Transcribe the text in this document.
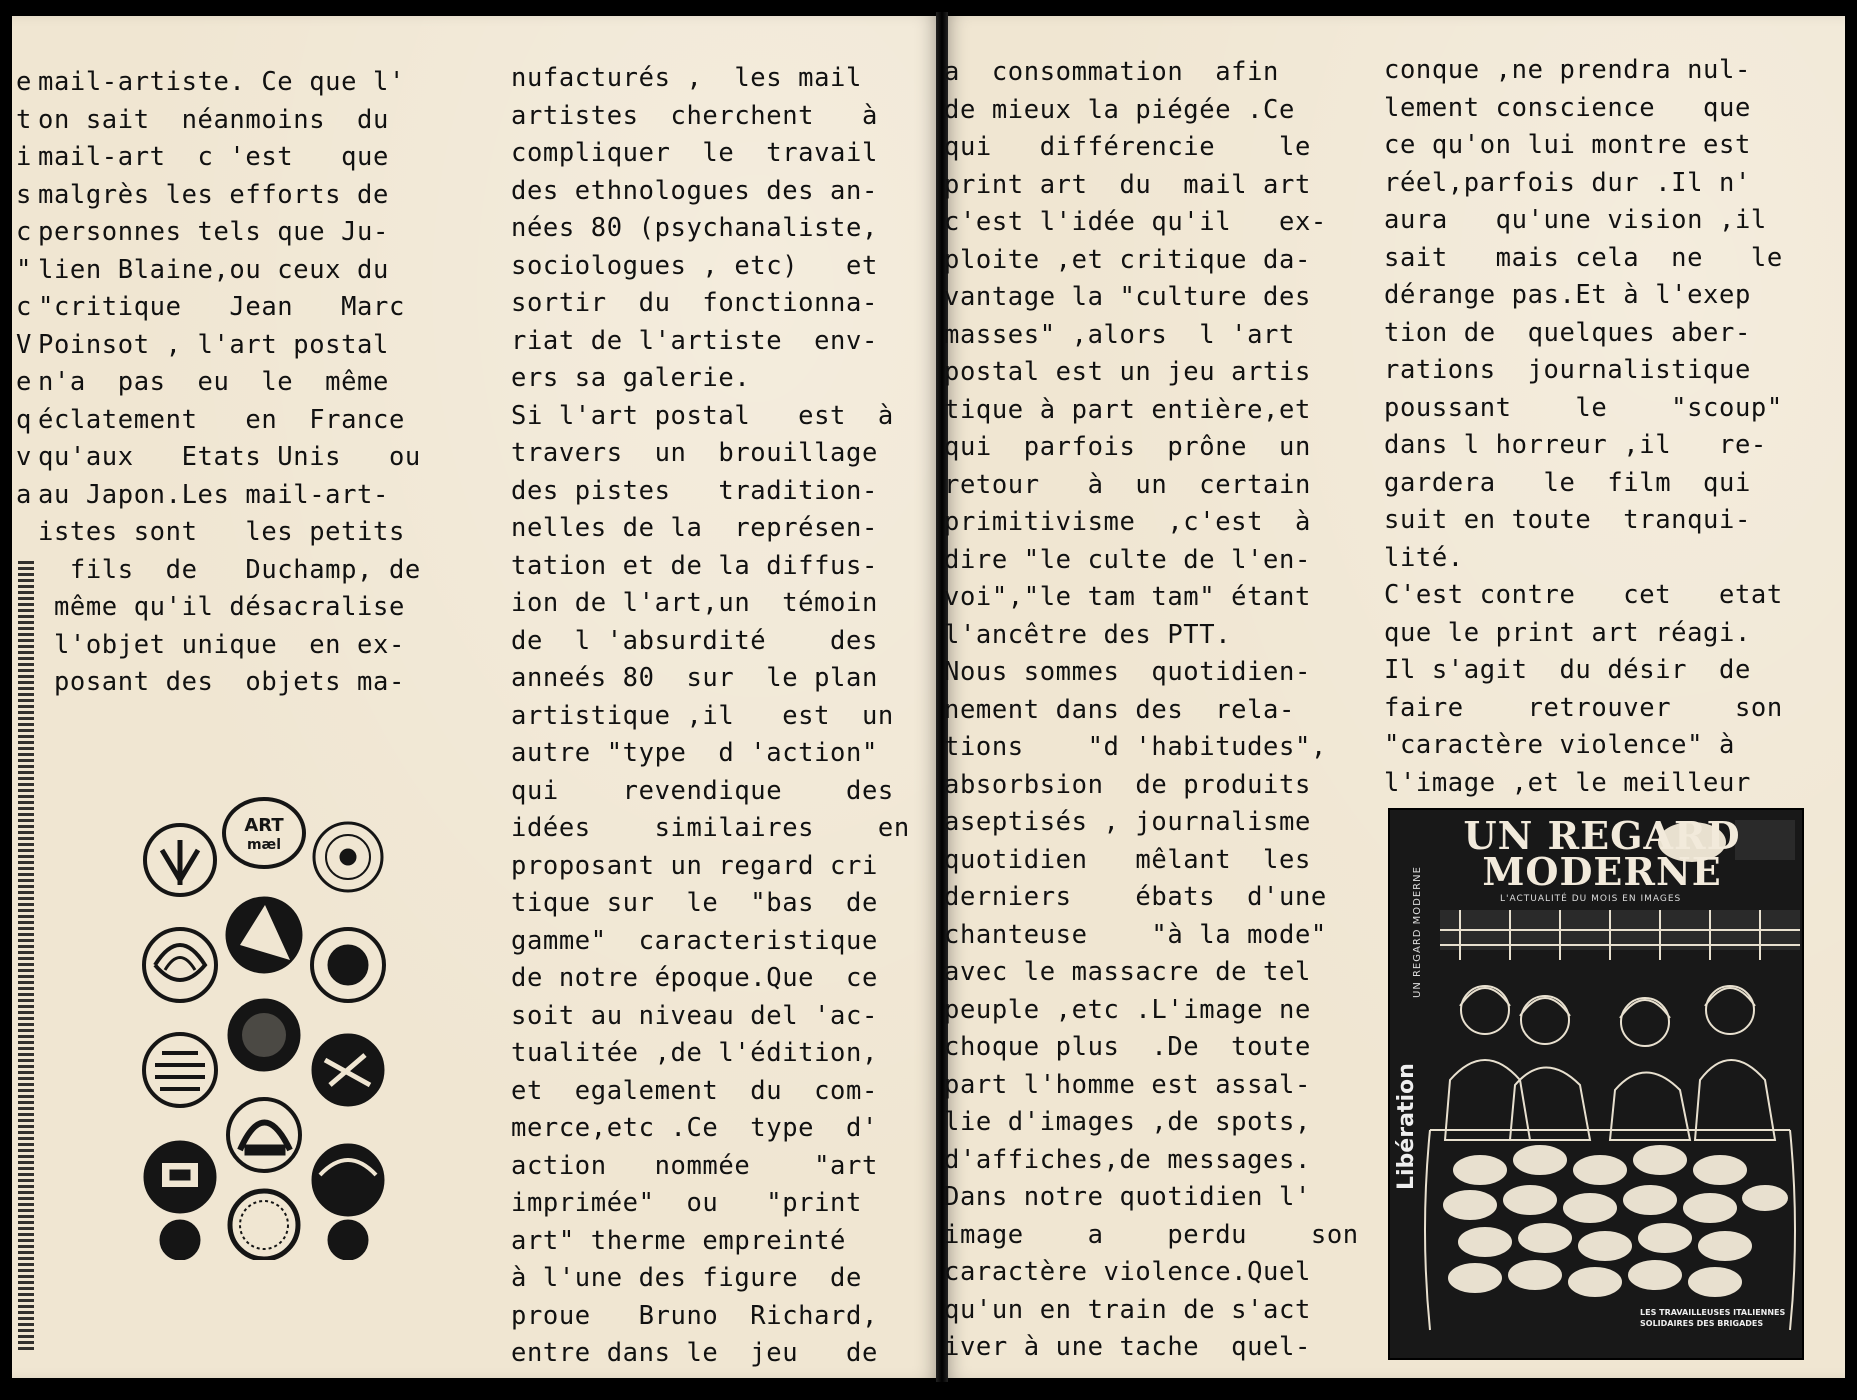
e
t
i
s
c
"
c
V
e
q
v
a
mail-artiste. Ce que l'
on sait  néanmoins  du
mail-art  c 'est   que
malgrès les efforts de
personnes tels que Ju-
lien Blaine,ou ceux du
"critique   Jean   Marc
Poinsot , l'art postal
n'a  pas  eu  le  même
éclatement   en  France
qu'aux   Etats Unis   ou
au Japon.Les mail-art-
istes sont   les petits
fils  de   Duchamp, de
même qu'il désacralise
l'objet unique  en ex-
posant des  objets ma-
nufacturés ,  les mail
artistes  cherchent   à
compliquer  le  travail
des ethnologues des an-
nées 80 (psychanaliste,
sociologues , etc)   et
sortir  du  fonctionna-
riat de l'artiste  env-
ers sa galerie.
Si l'art postal   est  à
travers  un  brouillage
des pistes   tradition-
nelles de la  représen-
tation et de la diffus-
ion de l'art,un  témoin
de  l 'absurdité    des
anneés 80  sur  le plan
artistique ,il   est  un
autre "type  d 'action"
qui    revendique    des
idées    similaires    en
proposant un regard cri
tique sur  le  "bas  de
gamme"  caracteristique
de notre époque.Que  ce
soit au niveau del 'ac-
tualitée ,de l'édition,
et  egalement  du  com-
merce,etc .Ce  type  d'
action   nommée    "art
imprimée"  ou   "print
art" therme empreinté
à l'une des figure  de
proue   Bruno  Richard,
entre dans le  jeu   de
a  consommation  afin
de mieux la piégée .Ce
qui   différencie    le
print art  du  mail art
c'est l'idée qu'il   ex-
ploite ,et critique da-
vantage la "culture des
masses" ,alors  l 'art
postal est un jeu artis
tique à part entière,et
qui  parfois  prône  un
retour   à  un  certain
primitivisme  ,c'est  à
dire "le culte de l'en-
voi","le tam tam" étant
l'ancêtre des PTT.
Nous sommes  quotidien-
nement dans des  rela-
tions    "d 'habitudes",
absorbsion  de produits
aseptisés , journalisme
quotidien   mêlant  les
derniers    ébats  d'une
chanteuse    "à la mode"
avec le massacre de tel
peuple ,etc .L'image ne
choque plus  .De  toute
part l'homme est assal-
lie d'images ,de spots,
d'affiches,de messages.
Dans notre quotidien l'
image    a    perdu    son
caractère violence.Quel
qu'un en train de s'act
iver à une tache  quel-
conque ,ne prendra nul-
lement conscience   que
ce qu'on lui montre est
réel,parfois dur .Il n'
aura   qu'une vision ,il
sait   mais cela  ne   le
dérange pas.Et à l'exep
tion de  quelques aber-
rations  journalistique
poussant    le    "scoup"
dans l horreur ,il   re-
gardera   le  film  qui
suit en toute  tranqui-
lité.
C'est contre   cet   etat
que le print art réagi.
Il s'agit  du désir  de
faire    retrouver    son
"caractère violence" à
l'image ,et le meilleur
ART
mæl	UN REGARD MODERNE
L'ACTUALITÉ DU MOIS EN IMAGES
Libération
UN REGARD MODERNE
LES TRAVAILLEUSES ITALIENNES SOLIDAIRES DES BRIGADES
